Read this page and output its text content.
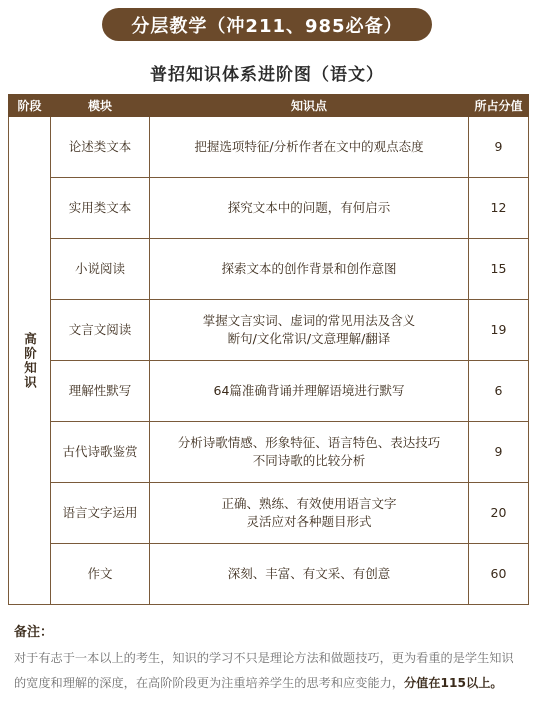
分层教学（冲211、985必备）
普招知识体系进阶图（语文）
阶段	模块	知识点	所占分值
高阶知识	论述类文本	把握选项特征/分析作者在文中的观点态度	9
	实用类文本	探究文本中的问题，有何启示	12
	小说阅读	探索文本的创作背景和创作意图	15
	文言文阅读	掌握文言实词、虚词的常见用法及含义
断句/文化常识/文意理解/翻译	19
	理解性默写	64篇准确背诵并理解语境进行默写	6
	古代诗歌鉴赏	分析诗歌情感、形象特征、语言特色、表达技巧
不同诗歌的比较分析	9
	语言文字运用	正确、熟练、有效使用语言文字
灵活应对各种题目形式	20
	作文	深刻、丰富、有文采、有创意	60
备注：
对于有志于一本以上的考生，知识的学习不只是理论方法和做题技巧，更为看重的是学生知识的宽度和理解的深度，在高阶阶段更为注重培养学生的思考和应变能力，分值在115以上。
